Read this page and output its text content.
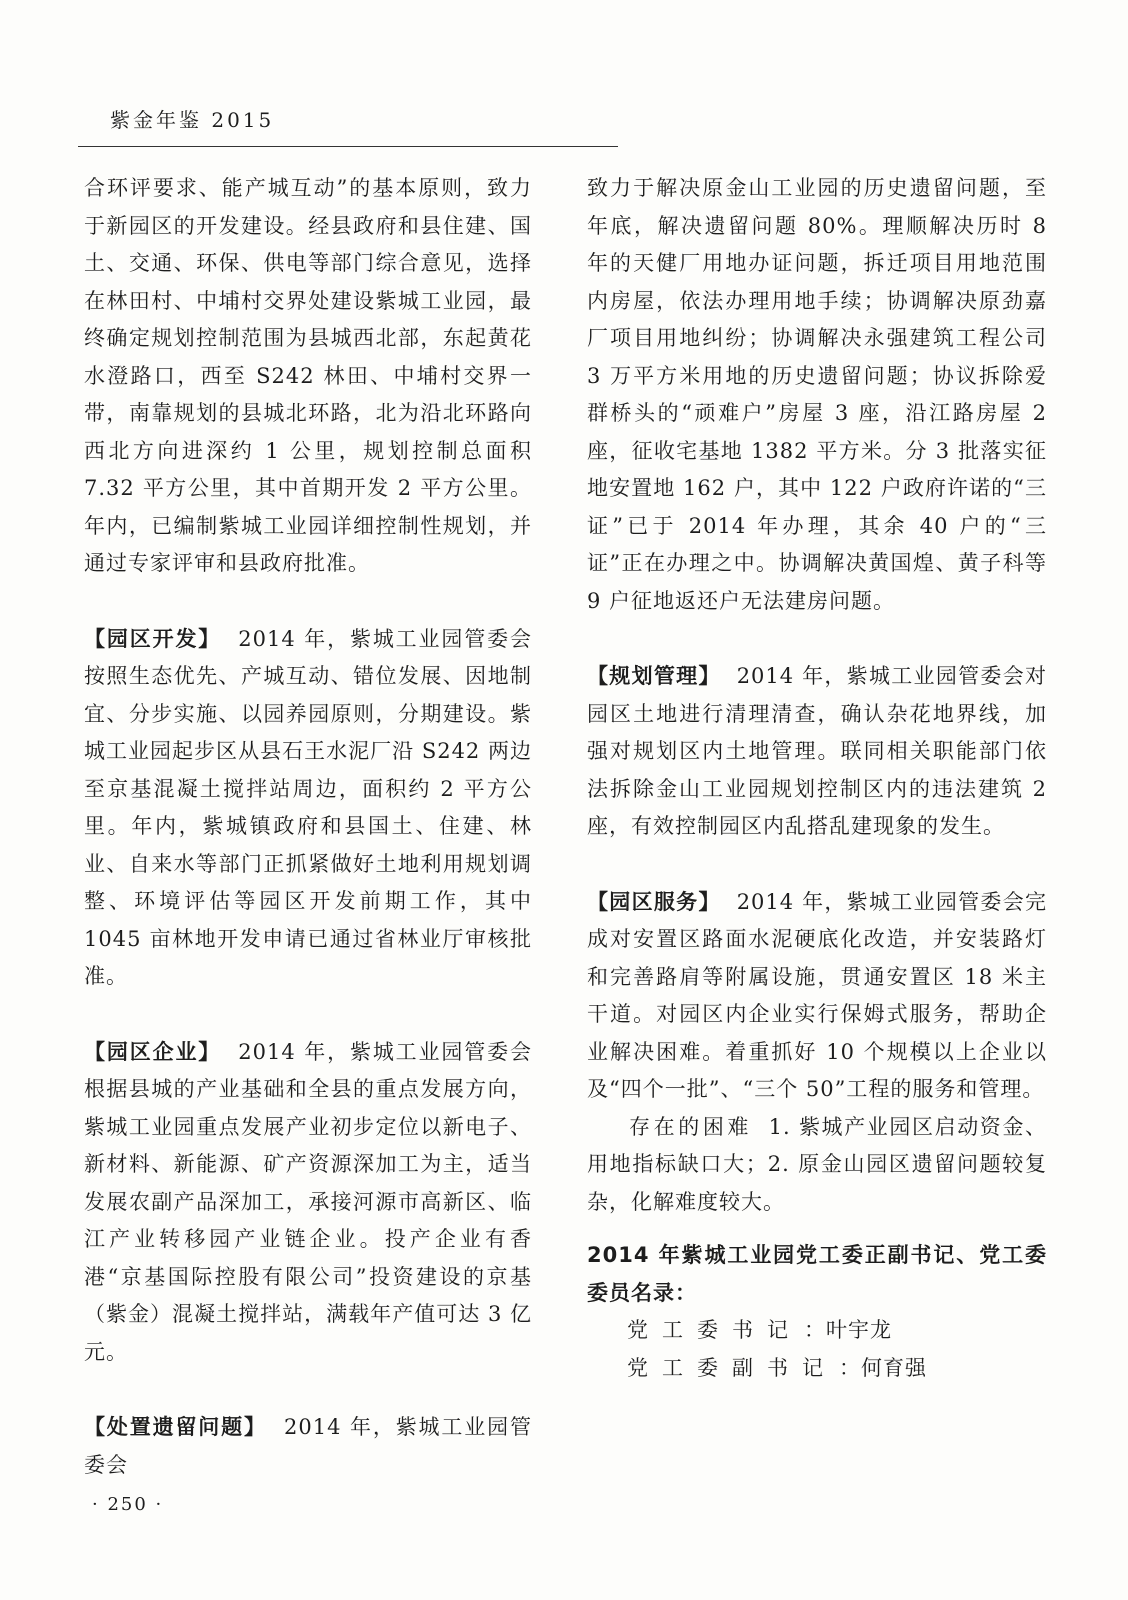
紫金年鉴 2015

合环评要求、能产城互动”的基本原则，致力于新园区的开发建设。经县政府和县住建、国土、交通、环保、供电等部门综合意见，选择在林田村、中埔村交界处建设紫城工业园，最终确定规划控制范围为县城西北部，东起黄花水澄路口，西至 S242 林田、中埔村交界一带，南靠规划的县城北环路，北为沿北环路向西北方向进深约 1 公里，规划控制总面积 7.32 平方公里，其中首期开发 2 平方公里。年内，已编制紫城工业园详细控制性规划，并通过专家评审和县政府批准。

【园区开发】 2014 年，紫城工业园管委会按照生态优先、产城互动、错位发展、因地制宜、分步实施、以园养园原则，分期建设。紫城工业园起步区从县石王水泥厂沿 S242 两边至京基混凝土搅拌站周边，面积约 2 平方公里。年内，紫城镇政府和县国土、住建、林业、自来水等部门正抓紧做好土地利用规划调整、环境评估等园区开发前期工作，其中 1045 亩林地开发申请已通过省林业厅审核批准。

【园区企业】 2014 年，紫城工业园管委会根据县城的产业基础和全县的重点发展方向，紫城工业园重点发展产业初步定位以新电子、新材料、新能源、矿产资源深加工为主，适当发展农副产品深加工，承接河源市高新区、临江产业转移园产业链企业。投产企业有香港“京基国际控股有限公司”投资建设的京基（紫金）混凝土搅拌站，满载年产值可达 3 亿元。

【处置遗留问题】 2014 年，紫城工业园管委会

致力于解决原金山工业园的历史遗留问题，至年底，解决遗留问题 80%。理顺解决历时 8 年的天健厂用地办证问题，拆迁项目用地范围内房屋，依法办理用地手续；协调解决原劲嘉厂项目用地纠纷；协调解决永强建筑工程公司 3 万平方米用地的历史遗留问题；协议拆除爱群桥头的“顽难户”房屋 3 座，沿江路房屋 2 座，征收宅基地 1382 平方米。分 3 批落实征地安置地 162 户，其中 122 户政府许诺的“三证”已于 2014 年办理，其余 40 户的“三证”正在办理之中。协调解决黄国煌、黄子科等 9 户征地返还户无法建房问题。

【规划管理】 2014 年，紫城工业园管委会对园区土地进行清理清查，确认杂花地界线，加强对规划区内土地管理。联同相关职能部门依法拆除金山工业园规划控制区内的违法建筑 2 座，有效控制园区内乱搭乱建现象的发生。

【园区服务】 2014 年，紫城工业园管委会完成对安置区路面水泥硬底化改造，并安装路灯和完善路肩等附属设施，贯通安置区 18 米主干道。对园区内企业实行保姆式服务，帮助企业解决困难。着重抓好 10 个规模以上企业以及“四个一批”、“三个 50”工程的服务和管理。

存在的困难 1. 紫城产业园区启动资金、用地指标缺口大；2. 原金山园区遗留问题较复杂，化解难度较大。

2014 年紫城工业园党工委正副书记、党工委委员名录：

党工委书记 ：叶宇龙
党工委副书记 ：何育强
· 250 ·
